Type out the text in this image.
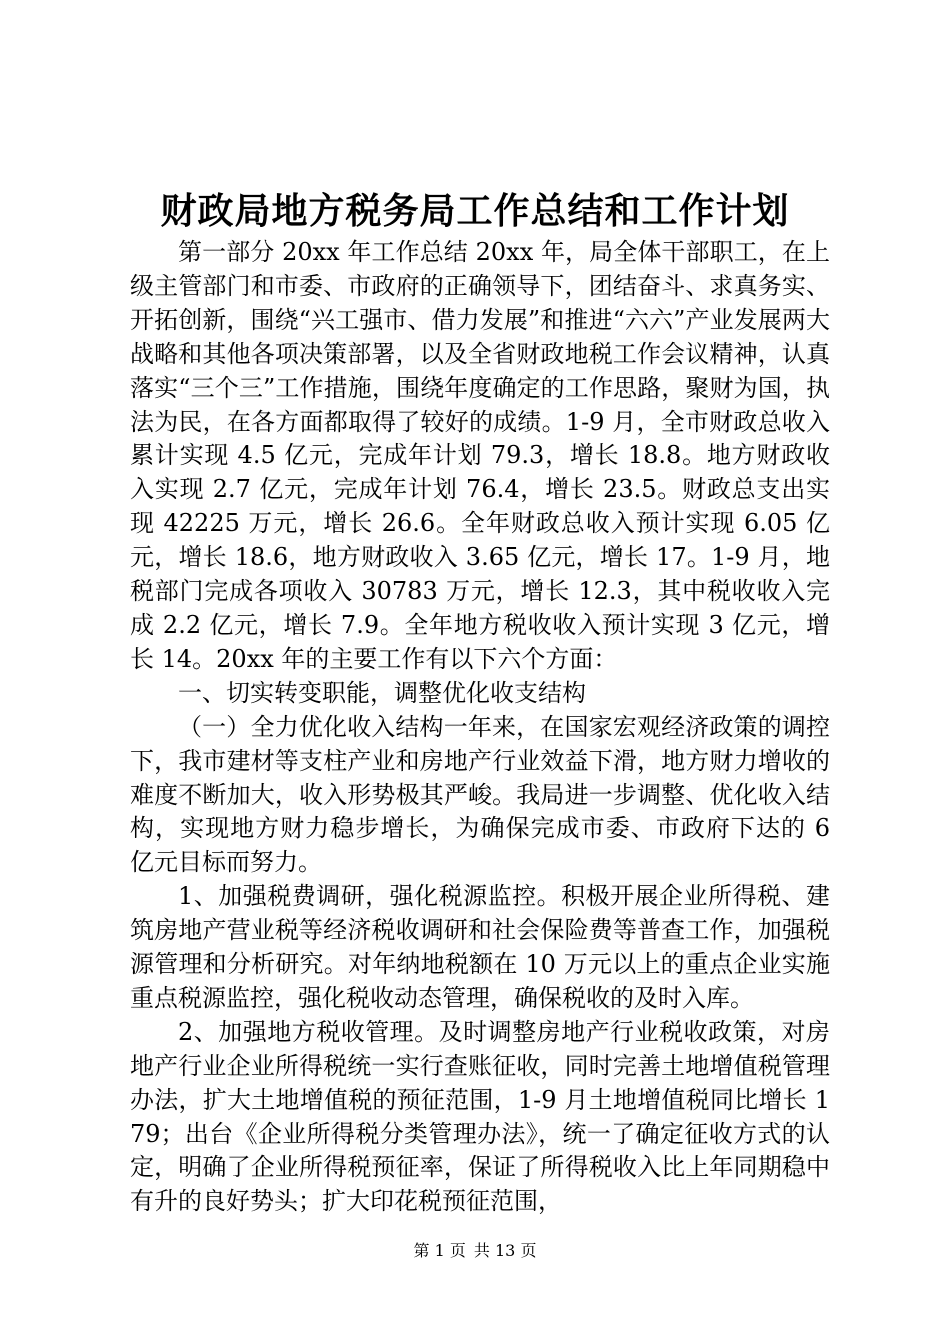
财政局地方税务局工作总结和工作计划

第一部分 20xx 年工作总结 20xx 年，局全体干部职工，在上级主管部门和市委、市政府的正确领导下，团结奋斗、求真务实、开拓创新，围绕“兴工强市、借力发展”和推进“六六”产业发展两大战略和其他各项决策部署，以及全省财政地税工作会议精神，认真落实“三个三”工作措施，围绕年度确定的工作思路，聚财为国，执法为民，在各方面都取得了较好的成绩。1-9 月，全市财政总收入累计实现 4.5 亿元，完成年计划 79.3，增长 18.8。地方财政收入实现 2.7 亿元，完成年计划 76.4，增长 23.5。财政总支出实现 42225 万元，增长 26.6。全年财政总收入预计实现 6.05 亿元，增长 18.6，地方财政收入 3.65 亿元，增长 17。1-9 月，地税部门完成各项收入 30783 万元，增长 12.3，其中税收收入完成 2.2 亿元，增长 7.9。全年地方税收收入预计实现 3 亿元，增长 14。20xx 年的主要工作有以下六个方面：

一、切实转变职能，调整优化收支结构

（一）全力优化收入结构一年来，在国家宏观经济政策的调控下，我市建材等支柱产业和房地产行业效益下滑，地方财力增收的难度不断加大，收入形势极其严峻。我局进一步调整、优化收入结构，实现地方财力稳步增长，为确保完成市委、市政府下达的 6 亿元目标而努力。

1、加强税费调研，强化税源监控。积极开展企业所得税、建筑房地产营业税等经济税收调研和社会保险费等普查工作，加强税源管理和分析研究。对年纳地税额在 10 万元以上的重点企业实施重点税源监控，强化税收动态管理，确保税收的及时入库。

2、加强地方税收管理。及时调整房地产行业税收政策，对房地产行业企业所得税统一实行查账征收，同时完善土地增值税管理办法，扩大土地增值税的预征范围，1-9 月土地增值税同比增长 179；出台《企业所得税分类管理办法》，统一了确定征收方式的认定，明确了企业所得税预征率，保证了所得税收入比上年同期稳中有升的良好势头；扩大印花税预征范围，

第 1 页 共 13 页
